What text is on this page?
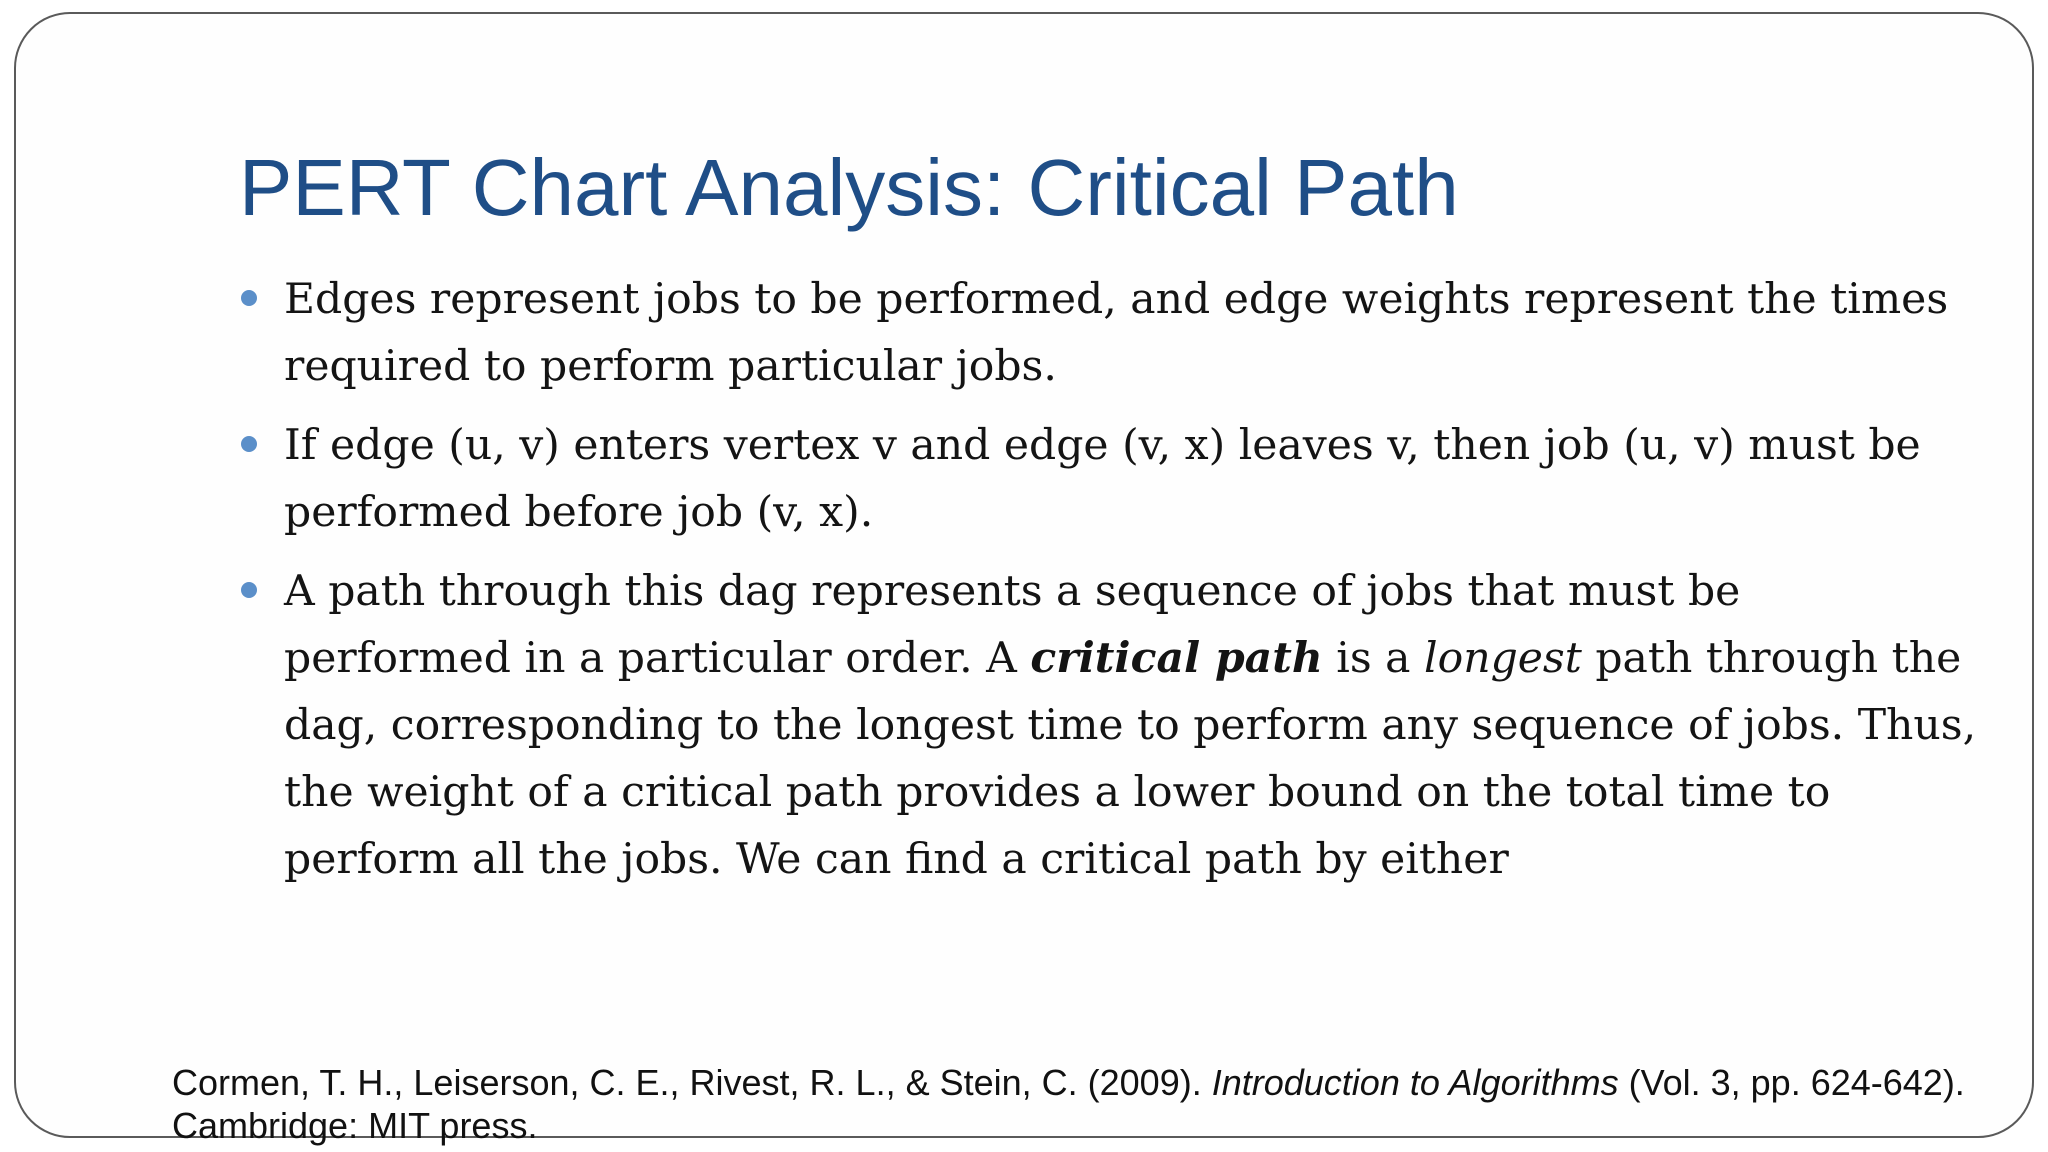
PERT Chart Analysis: Critical Path
Edges represent jobs to be performed, and edge weights represent the times required to perform particular jobs.
If edge (u, v) enters vertex v and edge (v, x) leaves v, then job (u, v) must be performed before job (v, x).
A path through this dag represents a sequence of jobs that must be performed in a particular order. A critical path is a longest path through the dag, corresponding to the longest time to perform any sequence of jobs. Thus, the weight of a critical path provides a lower bound on the total time to perform all the jobs. We can find a critical path by either

Cormen, T. H., Leiserson, C. E., Rivest, R. L., & Stein, C. (2009). Introduction to Algorithms (Vol. 3, pp. 624-642). Cambridge: MIT press.
